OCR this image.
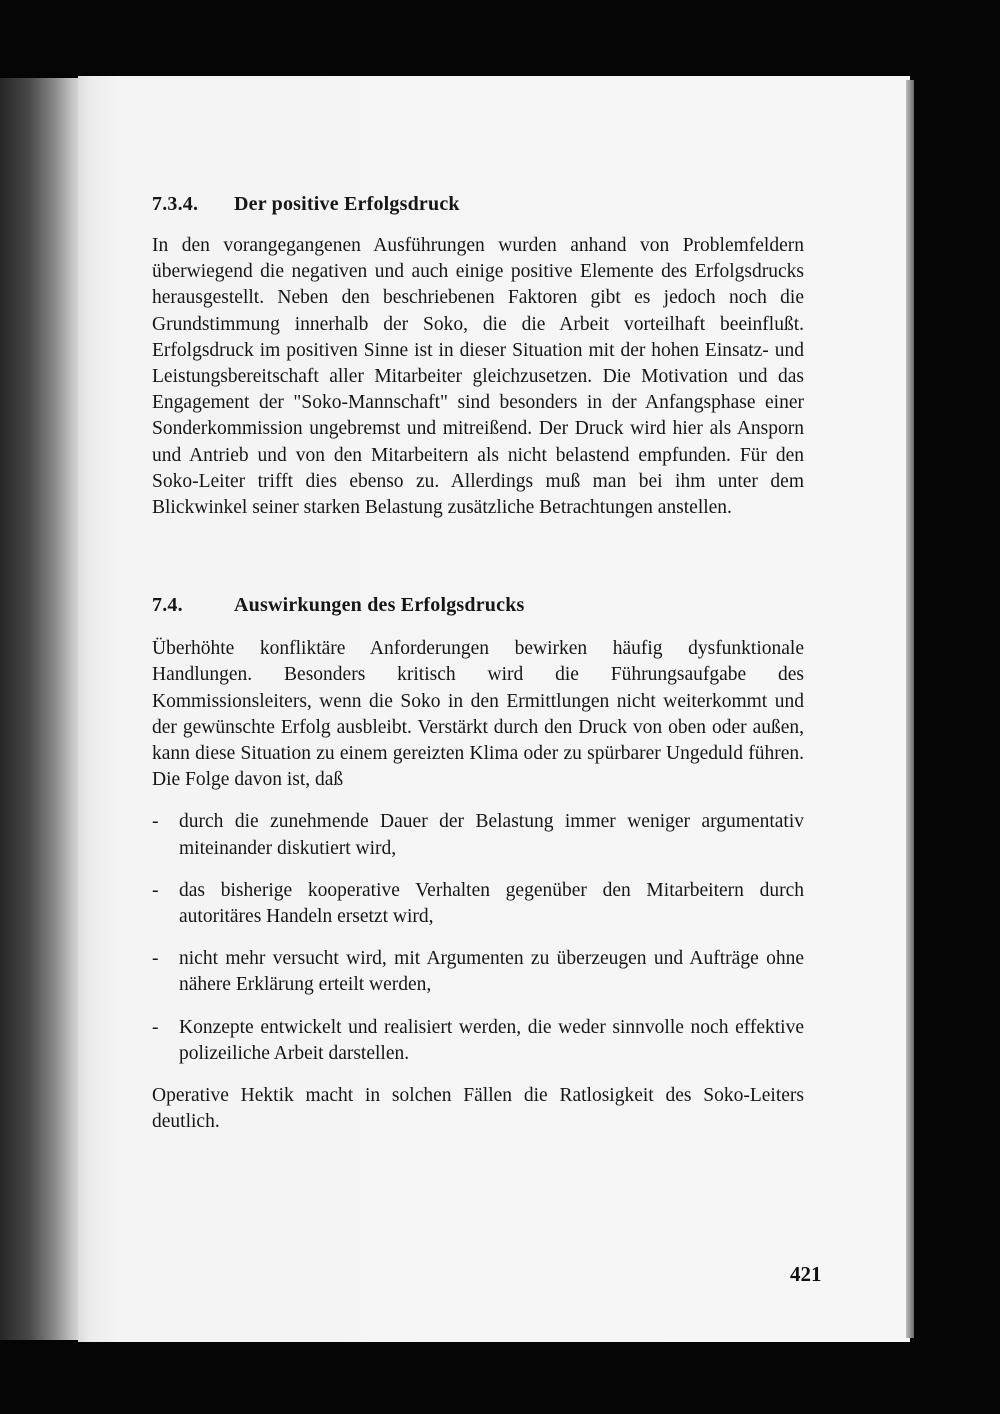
7.3.4.	Der positive Erfolgsdruck

In den vorangegangenen Ausführungen wurden anhand von Problemfeldern überwiegend die negativen und auch einige positive Elemente des Erfolgsdrucks herausgestellt. Neben den beschriebenen Faktoren gibt es jedoch noch die Grundstimmung innerhalb der Soko, die die Arbeit vorteilhaft beeinflußt. Erfolgsdruck im positiven Sinne ist in dieser Situation mit der hohen Einsatz- und Leistungsbereitschaft aller Mitarbeiter gleichzusetzen. Die Motivation und das Engagement der "Soko-Mannschaft" sind besonders in der Anfangsphase einer Sonderkommission ungebremst und mitreißend. Der Druck wird hier als Ansporn und Antrieb und von den Mitarbeitern als nicht belastend empfunden. Für den Soko-Leiter trifft dies ebenso zu. Allerdings muß man bei ihm unter dem Blickwinkel seiner starken Belastung zusätzliche Betrachtungen anstellen.

7.4.	Auswirkungen des Erfolgsdrucks

Überhöhte konfliktäre Anforderungen bewirken häufig dysfunktionale Handlungen. Besonders kritisch wird die Führungsaufgabe des Kommissionsleiters, wenn die Soko in den Ermittlungen nicht weiterkommt und der gewünschte Erfolg ausbleibt. Verstärkt durch den Druck von oben oder außen, kann diese Situation zu einem gereizten Klima oder zu spürbarer Ungeduld führen. Die Folge davon ist, daß

- durch die zunehmende Dauer der Belastung immer weniger argumentativ miteinander diskutiert wird,
- das bisherige kooperative Verhalten gegenüber den Mitarbeitern durch autoritäres Handeln ersetzt wird,
- nicht mehr versucht wird, mit Argumenten zu überzeugen und Aufträge ohne nähere Erklärung erteilt werden,
- Konzepte entwickelt und realisiert werden, die weder sinnvolle noch effektive polizeiliche Arbeit darstellen.

Operative Hektik macht in solchen Fällen die Ratlosigkeit des Soko-Leiters deutlich.

421
